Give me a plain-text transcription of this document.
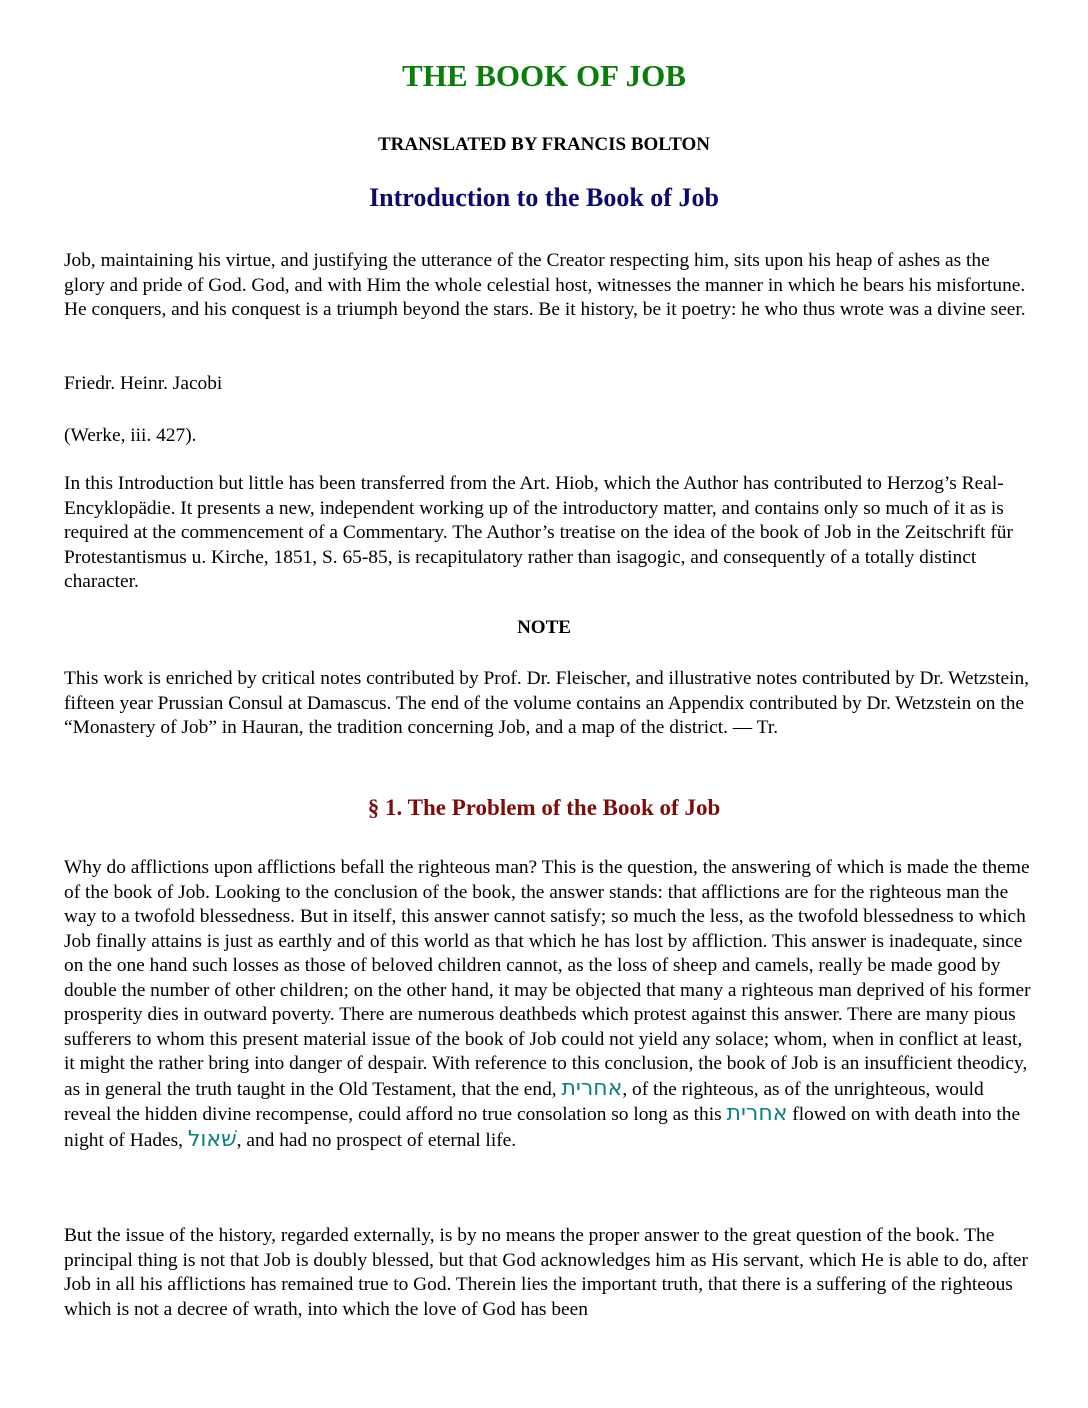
THE BOOK OF JOB
TRANSLATED BY FRANCIS BOLTON
Introduction to the Book of Job

Job, maintaining his virtue, and justifying the utterance of the Creator respecting him, sits upon his heap of ashes as the glory and pride of God. God, and with Him the whole celestial host, witnesses the manner in which he bears his misfortune. He conquers, and his conquest is a triumph beyond the stars. Be it history, be it poetry: he who thus wrote was a divine seer.

Friedr. Heinr. Jacobi

(Werke, iii. 427).

In this Introduction but little has been transferred from the Art. Hiob, which the Author has contributed to Herzog’s Real-Encyklopädie. It presents a new, independent working up of the introductory matter, and contains only so much of it as is required at the commencement of a Commentary. The Author’s treatise on the idea of the book of Job in the Zeitschrift für Protestantismus u. Kirche, 1851, S. 65-85, is recapitulatory rather than isagogic, and consequently of a totally distinct character.

NOTE

This work is enriched by critical notes contributed by Prof. Dr. Fleischer, and illustrative notes contributed by Dr. Wetzstein, fifteen year Prussian Consul at Damascus. The end of the volume contains an Appendix contributed by Dr. Wetzstein on the “Monastery of Job” in Hauran, the tradition concerning Job, and a map of the district. — Tr.

§ 1. The Problem of the Book of Job

Why do afflictions upon afflictions befall the righteous man? This is the question, the answering of which is made the theme of the book of Job. Looking to the conclusion of the book, the answer stands: that afflictions are for the righteous man the way to a twofold blessedness. But in itself, this answer cannot satisfy; so much the less, as the twofold blessedness to which Job finally attains is just as earthly and of this world as that which he has lost by affliction. This answer is inadequate, since on the one hand such losses as those of beloved children cannot, as the loss of sheep and camels, really be made good by double the number of other children; on the other hand, it may be objected that many a righteous man deprived of his former prosperity dies in outward poverty. There are numerous deathbeds which protest against this answer. There are many pious sufferers to whom this present material issue of the book of Job could not yield any solace; whom, when in conflict at least, it might the rather bring into danger of despair. With reference to this conclusion, the book of Job is an insufficient theodicy, as in general the truth taught in the Old Testament, that the end, אחרית, of the righteous, as of the unrighteous, would reveal the hidden divine recompense, could afford no true consolation so long as this אחרית flowed on with death into the night of Hades, שׁאול, and had no prospect of eternal life.

But the issue of the history, regarded externally, is by no means the proper answer to the great question of the book. The principal thing is not that Job is doubly blessed, but that God acknowledges him as His servant, which He is able to do, after Job in all his afflictions has remained true to God. Therein lies the important truth, that there is a suffering of the righteous which is not a decree of wrath, into which the love of God has been
